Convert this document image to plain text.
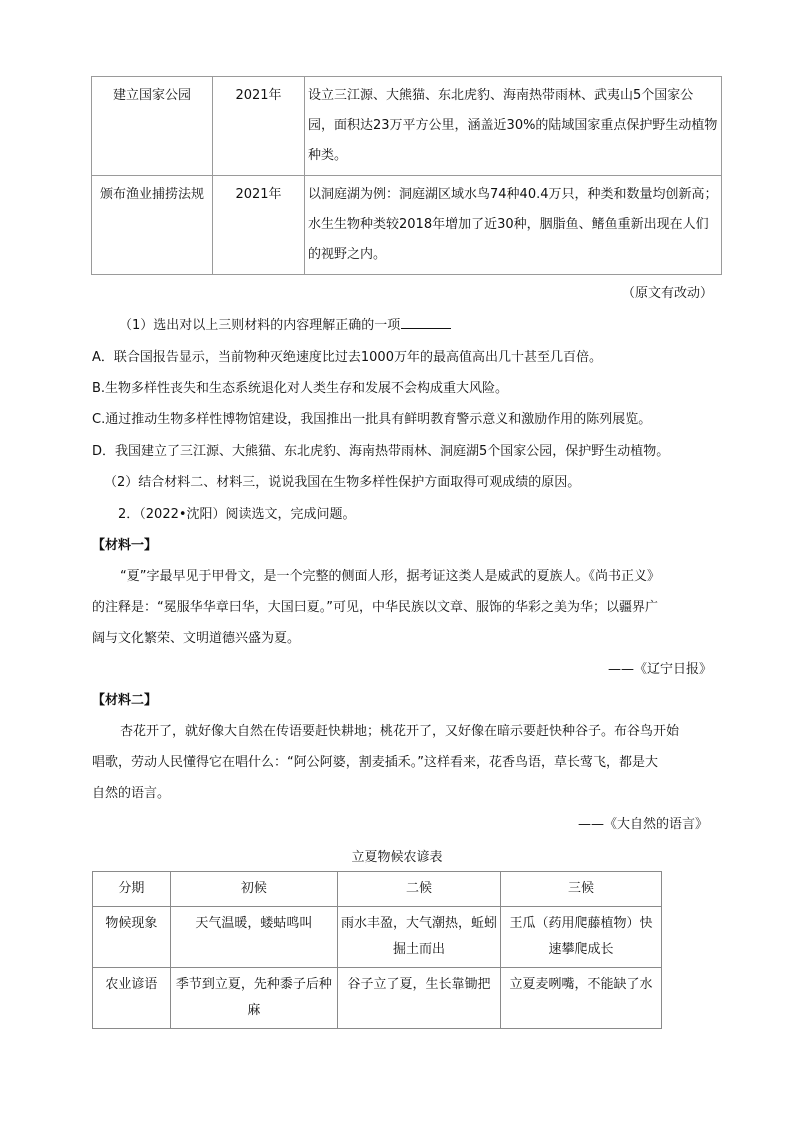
建立国家公园	2021年	设立三江源、大熊猫、东北虎豹、海南热带雨林、武夷山5个国家公园，面积达23万平方公里，涵盖近30%的陆域国家重点保护野生动植物种类。
颁布渔业捕捞法规	2021年	以洞庭湖为例：洞庭湖区域水鸟74种40.4万只，种类和数量均创新高；水生生物种类较2018年增加了近30种，胭脂鱼、鳍鱼重新出现在人们的视野之内。
（原文有改动）
（1）选出对以上三则材料的内容理解正确的一项
A．联合国报告显示，当前物种灭绝速度比过去1000万年的最高值高出几十甚至几百倍。
B.生物多样性丧失和生态系统退化对人类生存和发展不会构成重大风险。
C.通过推动生物多样性博物馆建设，我国推出一批具有鲜明教育警示意义和激励作用的陈列展览。
D．我国建立了三江源、大熊猫、东北虎豹、海南热带雨林、洞庭湖5个国家公园，保护野生动植物。
（2）结合材料二、材料三，说说我国在生物多样性保护方面取得可观成绩的原因。
2．（2022•沈阳）阅读选文，完成问题。
【材料一】
“夏”字最早见于甲骨文，是一个完整的侧面人形，据考证这类人是威武的夏族人。《尚书正义》
的注释是：“冕服华华章曰华，大国曰夏。”可见，中华民族以文章、服饰的华彩之美为华；以疆界广
阔与文化繁荣、文明道德兴盛为夏。
——《辽宁日报》
【材料二】
杏花开了，就好像大自然在传语要赶快耕地；桃花开了，又好像在暗示要赶快种谷子。布谷鸟开始
唱歌，劳动人民懂得它在唱什么：“阿公阿婆，割麦插禾。”这样看来，花香鸟语，草长莺飞，都是大
自然的语言。
——《大自然的语言》
立夏物候农谚表
分期	初候	二候	三候
物候现象	天气温暖，蝼蛄鸣叫	雨水丰盈，大气潮热，蚯蚓掘土而出	王瓜（药用爬藤植物）快速攀爬成长
农业谚语	季节到立夏，先种黍子后种麻	谷子立了夏，生长靠锄把	立夏麦咧嘴，不能缺了水
